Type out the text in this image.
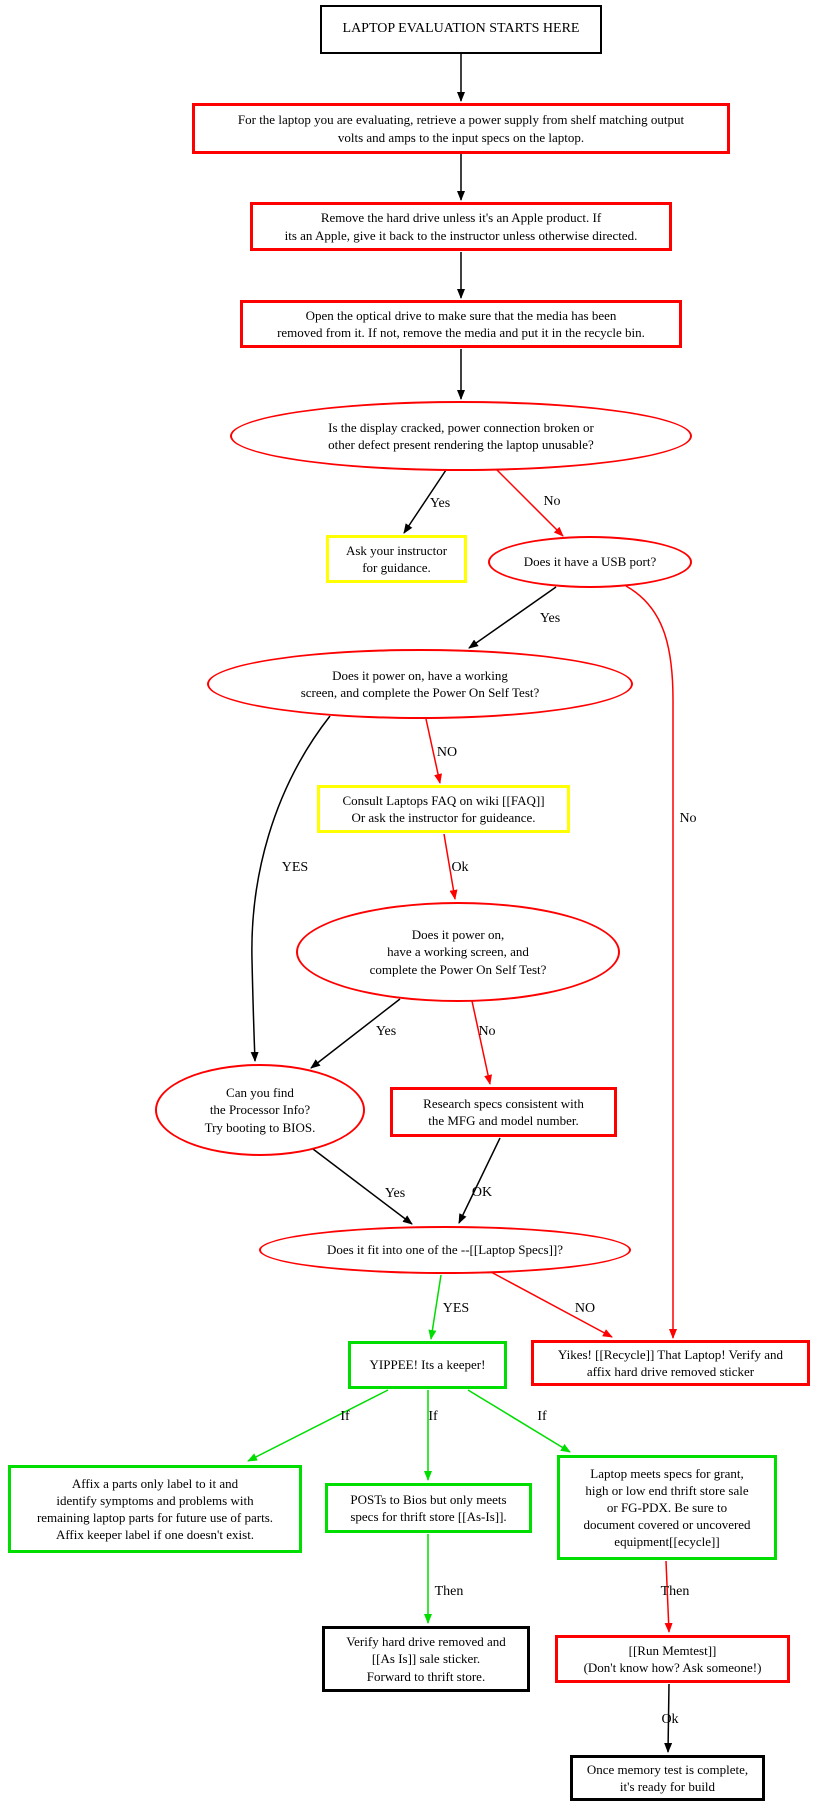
Yes	No
Yes
No
NO
YES	Ok
Yes	No
Yes	OK
YES	NO
If	If	If
Then	Then
Ok
LAPTOP EVALUATION STARTS HERE
For the laptop you are evaluating, retrieve a power supply from shelf matching output
volts and amps to the input specs on the laptop.
Remove the hard drive unless it's an Apple product. If
its an Apple, give it back to the instructor unless otherwise directed.
Open the optical drive to make sure that the media has been
removed from it. If not, remove the media and put it in the recycle bin.
Is the display cracked, power connection broken or
other defect present rendering the laptop unusable?
Ask your instructor
for guidance.	Does it have a USB port?
Does it power on, have a working
screen, and complete the Power On Self Test?
Consult Laptops FAQ on wiki [[FAQ]]
Or ask the instructor for guideance.
Does it power on,
have a working screen, and
complete the Power On Self Test?
Can you find
the Processor Info?
Try booting to BIOS.
Research specs consistent with
the MFG and model number.
Does it fit into one of the --[[Laptop Specs]]?
YIPPEE! Its a keeper!
Yikes! [[Recycle]] That Laptop! Verify and
affix hard drive removed sticker
Affix a parts only label to it and
identify symptoms and problems with
remaining laptop parts for future use of parts.
Affix keeper label if one doesn't exist.
POSTs to Bios but only meets
specs for thrift store [[As-Is]].
Laptop meets specs for grant,
high or low end thrift store sale
or FG-PDX. Be sure to
document covered or uncovered
equipment[[ecycle]]
Verify hard drive removed and
[[As Is]] sale sticker.
Forward to thrift store.
[[Run Memtest]]
(Don't know how? Ask someone!)
Once memory test is complete,
it's ready for build
